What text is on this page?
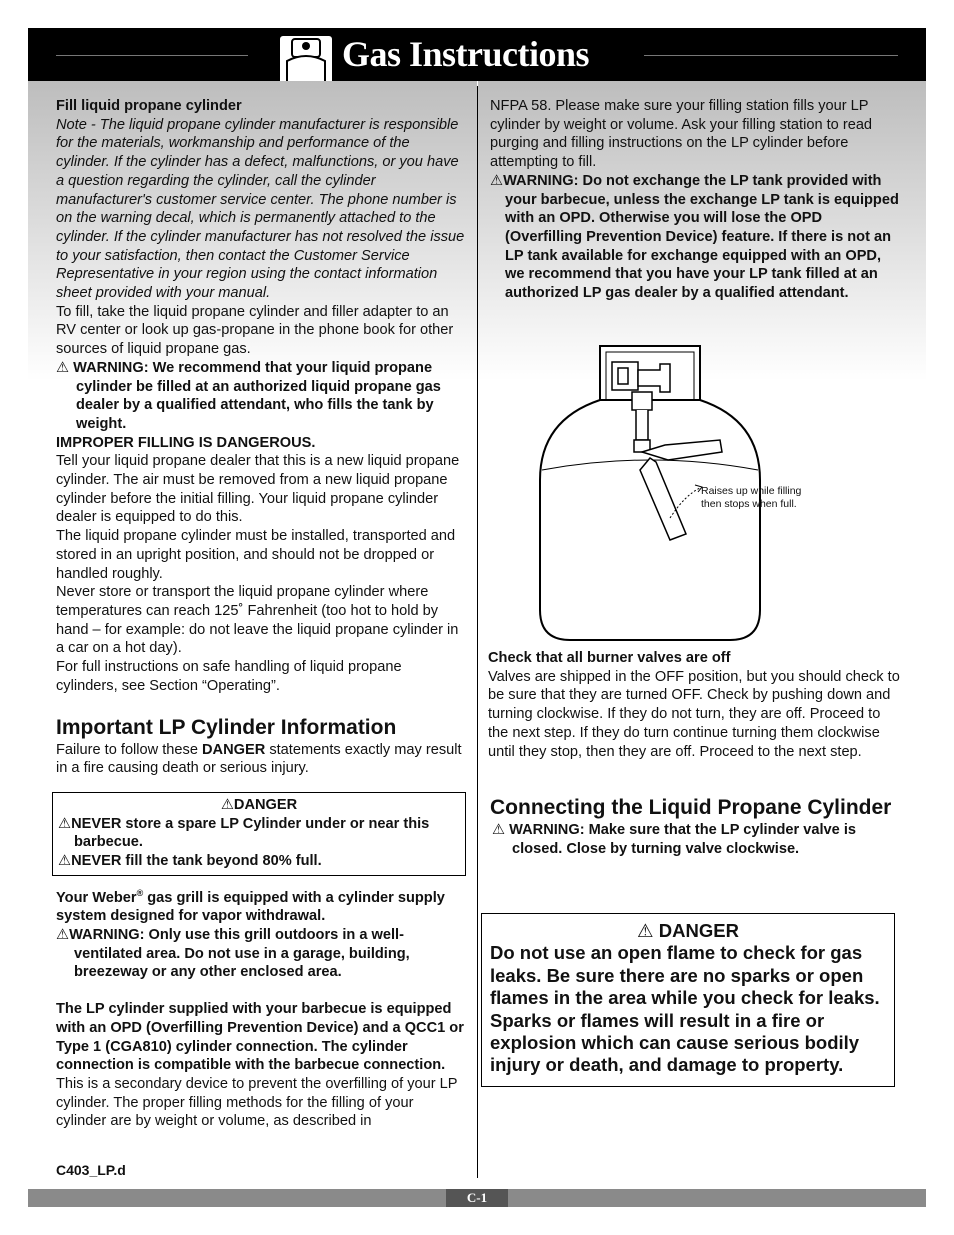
Gas Instructions

Fill liquid propane cylinder

Note - The liquid propane cylinder manufacturer is responsible for the materials, workmanship and performance of the cylinder. If the cylinder has a defect, malfunctions, or you have a question regarding the cylinder, call the cylinder manufacturer's customer service center. The phone number is on the warning decal, which is permanently attached to the cylinder. If the cylinder manufacturer has not resolved the issue to your satisfaction, then contact the Customer Service Representative in your region using the contact information sheet provided with your manual.

To fill, take the liquid propane cylinder and filler adapter to an RV center or look up gas-propane in the phone book for other sources of liquid propane gas.

⚠ WARNING: We recommend that your liquid propane cylinder be filled at an authorized liquid propane gas dealer by a qualified attendant, who fills the tank by weight.

IMPROPER FILLING IS DANGEROUS.

Tell your liquid propane dealer that this is a new liquid propane cylinder. The air must be removed from a new liquid propane cylinder before the initial filling. Your liquid propane cylinder dealer is equipped to do this.

The liquid propane cylinder must be installed, transported and stored in an upright position, and should not be dropped or handled roughly.

Never store or transport the liquid propane cylinder where temperatures can reach 125˚ Fahrenheit (too hot to hold by hand – for example: do not leave the liquid propane cylinder in a car on a hot day).

For full instructions on safe handling of liquid propane cylinders, see Section “Operating”.

Important LP Cylinder Information

Failure to follow these DANGER statements exactly may result in a fire causing death or serious injury.

⚠DANGER
⚠NEVER store a spare LP Cylinder under or near this barbecue.
⚠NEVER fill the tank beyond 80% full.

Your Weber® gas grill is equipped with a cylinder supply system designed for vapor withdrawal.

⚠WARNING: Only use this grill outdoors in a well-ventilated area. Do not use in a garage, building, breezeway or any other enclosed area.

The LP cylinder supplied with your barbecue is equipped with an OPD (Overfilling Prevention Device) and a QCC1 or Type 1 (CGA810) cylinder connection. The cylinder connection is compatible with the barbecue connection.

This is a secondary device to prevent the overfilling of your LP cylinder. The proper filling methods for the filling of your cylinder are by weight or volume, as described in

NFPA 58. Please make sure your filling station fills your LP cylinder by weight or volume. Ask your filling station to read purging and filling instructions on the LP cylinder before attempting to fill.

⚠WARNING: Do not exchange the LP tank provided with your barbecue, unless the exchange LP tank is equipped with an OPD. Otherwise you will lose the OPD (Overfilling Prevention Device) feature. If there is not an LP tank available for exchange equipped with an OPD, we recommend that you have your LP tank filled at an authorized LP gas dealer by a qualified attendant.

Raises up while filling then stops when full.

Check that all burner valves are off

Valves are shipped in the OFF position, but you should check to be sure that they are turned OFF. Check by pushing down and turning clockwise. If they do not turn, they are off. Proceed to the next step. If they do turn continue turning them clockwise until they stop, then they are off. Proceed to the next step.

Connecting the Liquid Propane Cylinder

⚠ WARNING: Make sure that the LP cylinder valve is closed. Close by turning valve clockwise.

⚠ DANGER
Do not use an open flame to check for gas leaks. Be sure there are no sparks or open flames in the area while you check for leaks. Sparks or flames will result in a fire or explosion which can cause serious bodily injury or death, and damage to property.
C403_LP.d
C-1
